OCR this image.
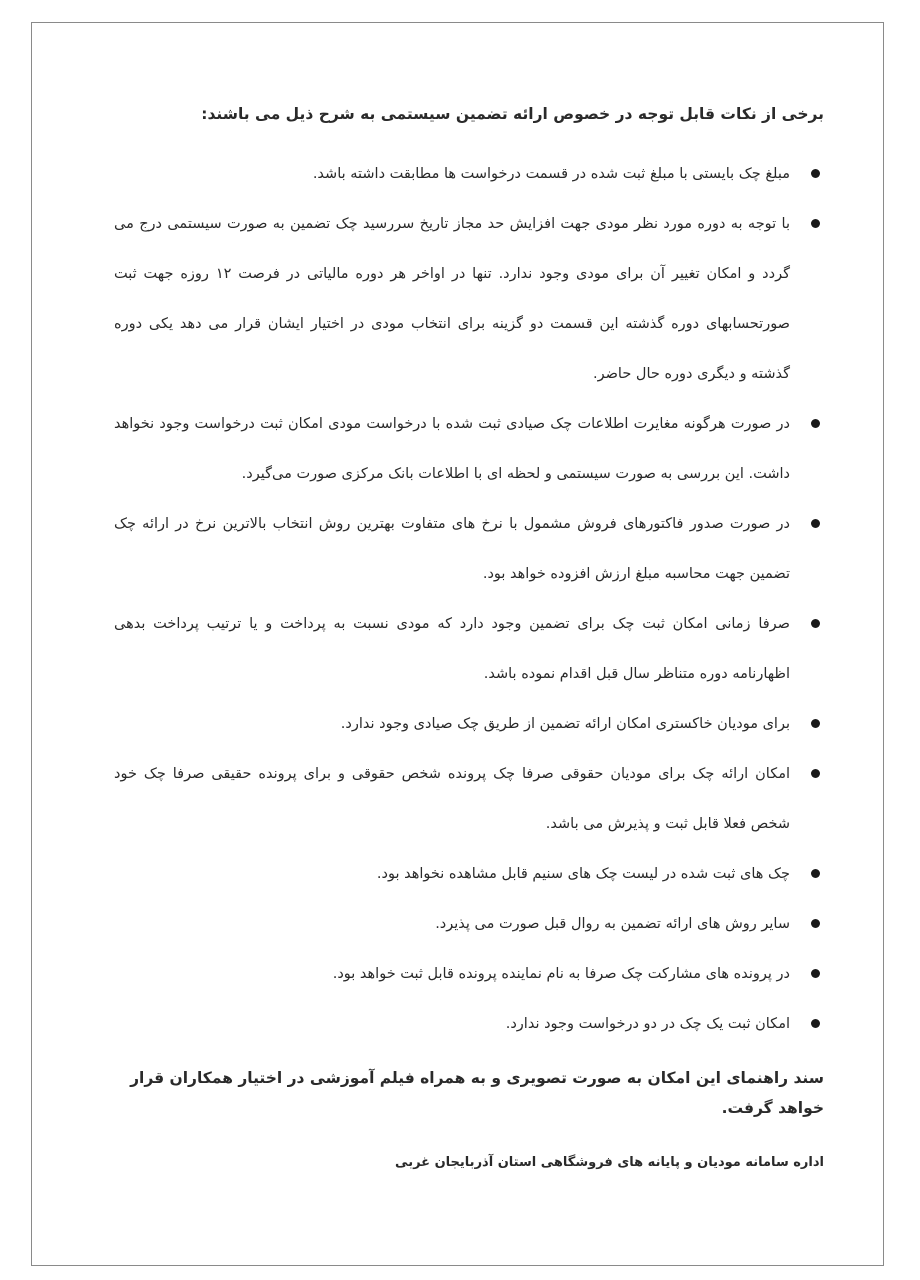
برخی از نکات قابل توجه در خصوص ارائه تضمین سیستمی به شرح ذیل می باشند:

مبلغ چک بایستی با مبلغ ثبت شده در قسمت درخواست ها مطابقت داشته باشد.
با توجه به دوره مورد نظر مودی جهت افزایش حد مجاز تاریخ سررسید چک تضمین به صورت سیستمی درج می گردد و امکان تغییر آن برای مودی وجود ندارد. تنها در اواخر هر دوره مالیاتی در فرصت ۱۲ روزه جهت ثبت صورتحسابهای دوره گذشته این قسمت دو گزینه برای انتخاب مودی در اختیار ایشان قرار می دهد یکی دوره گذشته و دیگری دوره حال حاضر.
در صورت هرگونه مغایرت اطلاعات چک صیادی ثبت شده با درخواست مودی امکان ثبت درخواست وجود نخواهد داشت. این بررسی به صورت سیستمی و لحظه ای با اطلاعات بانک مرکزی صورت می‌گیرد.
در صورت صدور فاکتورهای فروش مشمول با نرخ های متفاوت بهترین روش انتخاب بالاترین نرخ در ارائه چک تضمین جهت محاسبه مبلغ ارزش افزوده خواهد بود.
صرفا زمانی امکان ثبت چک برای تضمین وجود دارد که مودی نسبت به پرداخت و یا ترتیب پرداخت بدهی اظهارنامه دوره متناظر سال قبل اقدام نموده باشد.
برای مودیان خاکستری امکان ارائه تضمین از طریق چک صیادی وجود ندارد.
امکان ارائه چک برای مودیان حقوقی صرفا چک پرونده شخص حقوقی و برای پرونده حقیقی صرفا چک خود شخص فعلا قابل ثبت و پذیرش می باشد.
چک های ثبت شده در لیست چک های سنیم قابل مشاهده نخواهد بود.
سایر روش های ارائه تضمین به روال قبل صورت می پذیرد.
در پرونده های مشارکت چک صرفا به نام نماینده پرونده قابل ثبت خواهد بود.
امکان ثبت یک چک در دو درخواست وجود ندارد.

سند راهنمای این امکان به صورت تصویری و به همراه فیلم آموزشی در اختیار همکاران قرار خواهد گرفت.

اداره سامانه مودیان و پایانه های فروشگاهی استان آذربایجان غربی
